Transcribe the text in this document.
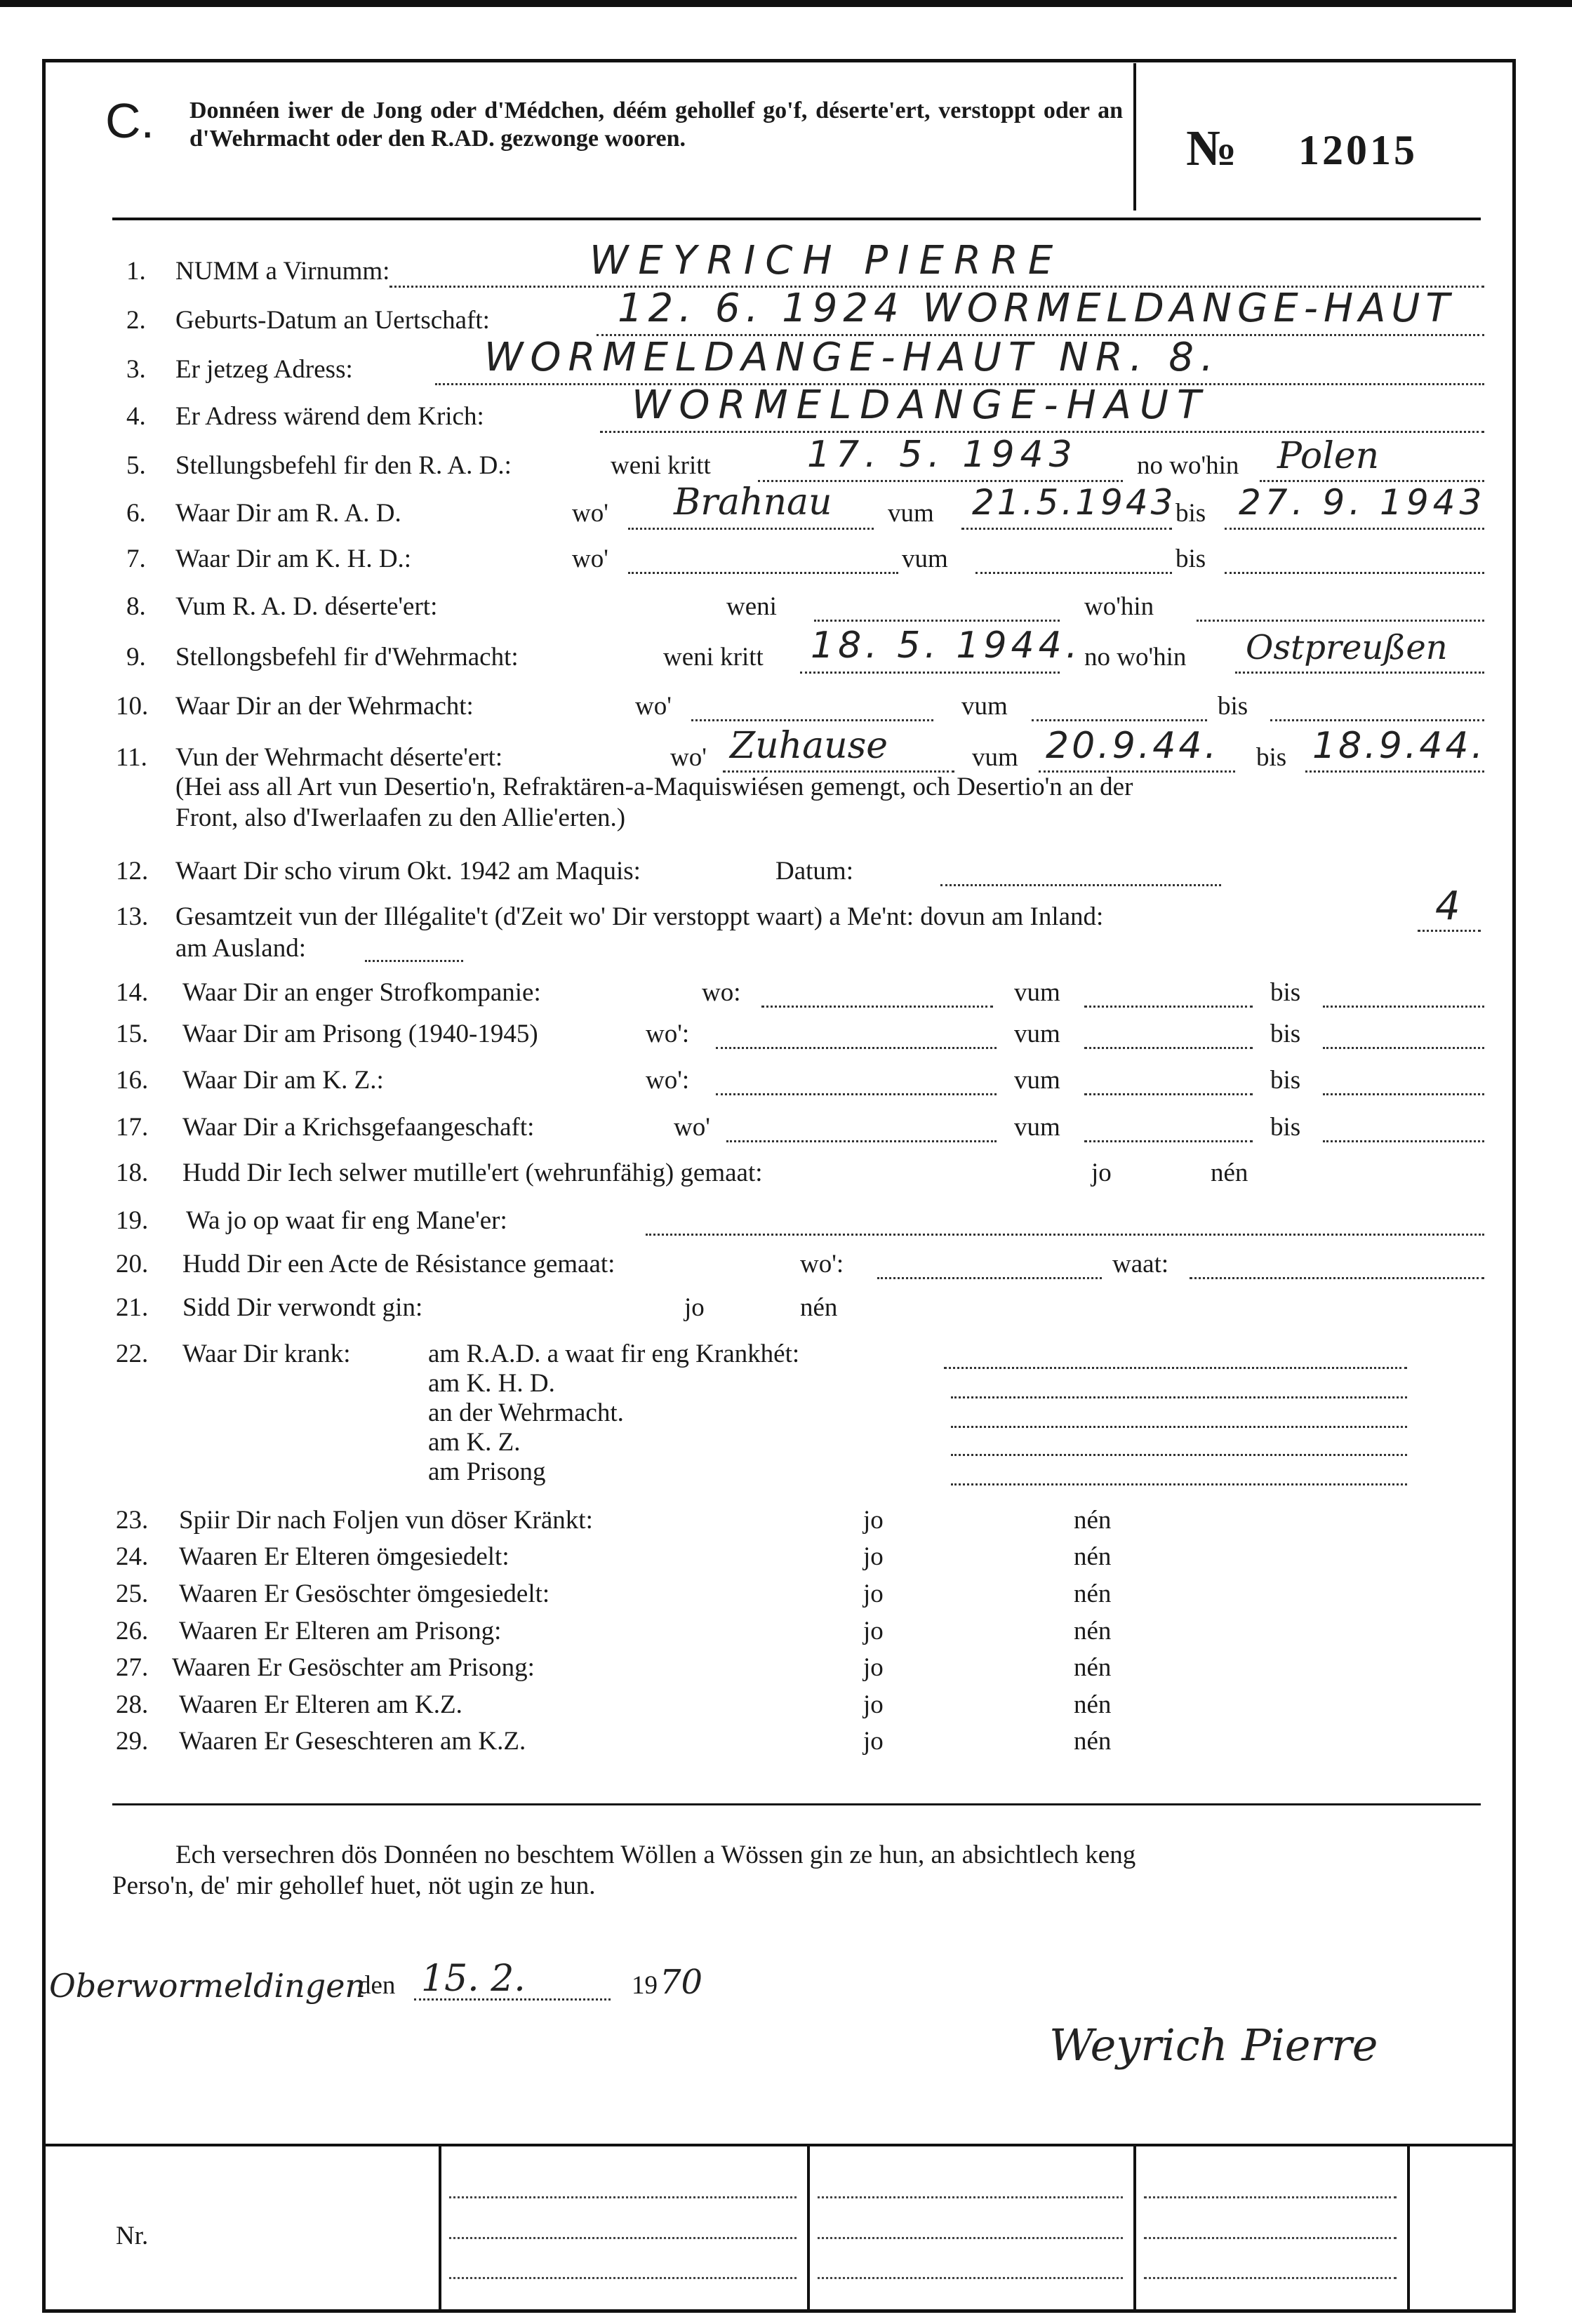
C. Donnéen iwer de Jong oder d'Médchen, déém gehollef go'f, déserte'ert, verstoppt oder an d'Wehrmacht oder den R.AD. gezwonge wooren.	№ 12015
1. NUMM a Virnumm:	WEYRICH PIERRE
2. Geburts-Datum an Uertschaft:	12. 6. 1924 WORMELDANGE-HAUT
3. Er jetzeg Adress:	WORMELDANGE-HAUT NR. 8.
4. Er Adress wärend dem Krich:	WORMELDANGE-HAUT
5. Stellungsbefehl fir den R. A. D.:	weni kritt	17. 5. 1943 no wo'hin Polen
6. Waar Dir am R. A. D.	wo' Brahnau vum 21.5.1943 bis 27. 9. 1943
7. Waar Dir am K. H. D.:	wo'	vum	bis
8. Vum R. A. D. déserte'ert:	weni	wo'hin
9. Stellongsbefehl fir d'Wehrmacht:	weni kritt 18. 5. 1944. no wo'hin Ostpreußen
10. Waar Dir an der Wehrmacht:	wo'	vum	bis
11. Vun der Wehrmacht déserte'ert:	wo' Zuhause	vum 20.9.44. bis 18.9.44.
(Hei ass all Art vun Desertio'n, Refraktären-a-Maquiswiésen gemengt, och Desertio'n an der
Front, also d'Iwerlaafen zu den Allie'erten.)
12. Waart Dir scho virum Okt. 1942 am Maquis:	Datum:
13. Gesamtzeit vun der Illégalite't (d'Zeit wo' Dir verstoppt waart) a Me'nt: dovun am Inland:	4
am Ausland:
14. Waar Dir an enger Strofkompanie:	wo:	vum	bis
15. Waar Dir am Prisong (1940-1945)	wo':	vum	bis
16. Waar Dir am K. Z.:	wo':	vum	bis
17. Waar Dir a Krichsgefaangeschaft:	wo'	vum	bis
18. Hudd Dir Iech selwer mutille'ert (wehrunfähig) gemaat:	jo	nén
19. Wa jo op waat fir eng Mane'er:
20. Hudd Dir een Acte de Résistance gemaat:	wo':	waat:
21. Sidd Dir verwondt gin:	jo	nén
22. Waar Dir krank:	am R.A.D. a waat fir eng Krankhét:
am K. H. D.
an der Wehrmacht.
am K. Z.
am Prisong
23. Spiir Dir nach Foljen vun döser Kränkt:	jo	nén
24. Waaren Er Elteren ömgesiedelt:	jo	nén
25. Waaren Er Gesöschter ömgesiedelt:	jo	nén
26. Waaren Er Elteren am Prisong:	jo	nén
27. Waaren Er Gesöschter am Prisong:	jo	nén
28. Waaren Er Elteren am K.Z.	jo	nén
29. Waaren Er Geseschteren am K.Z.	jo	nén
Ech versechren dös Donnéen no beschtem Wöllen a Wössen gin ze hun, an absichtlech keng
Perso'n, de' mir gehollef huet, nöt ugin ze hun.
Oberwormeldingen
den 15. 2.	19 70
Weyrich Pierre
Nr.
